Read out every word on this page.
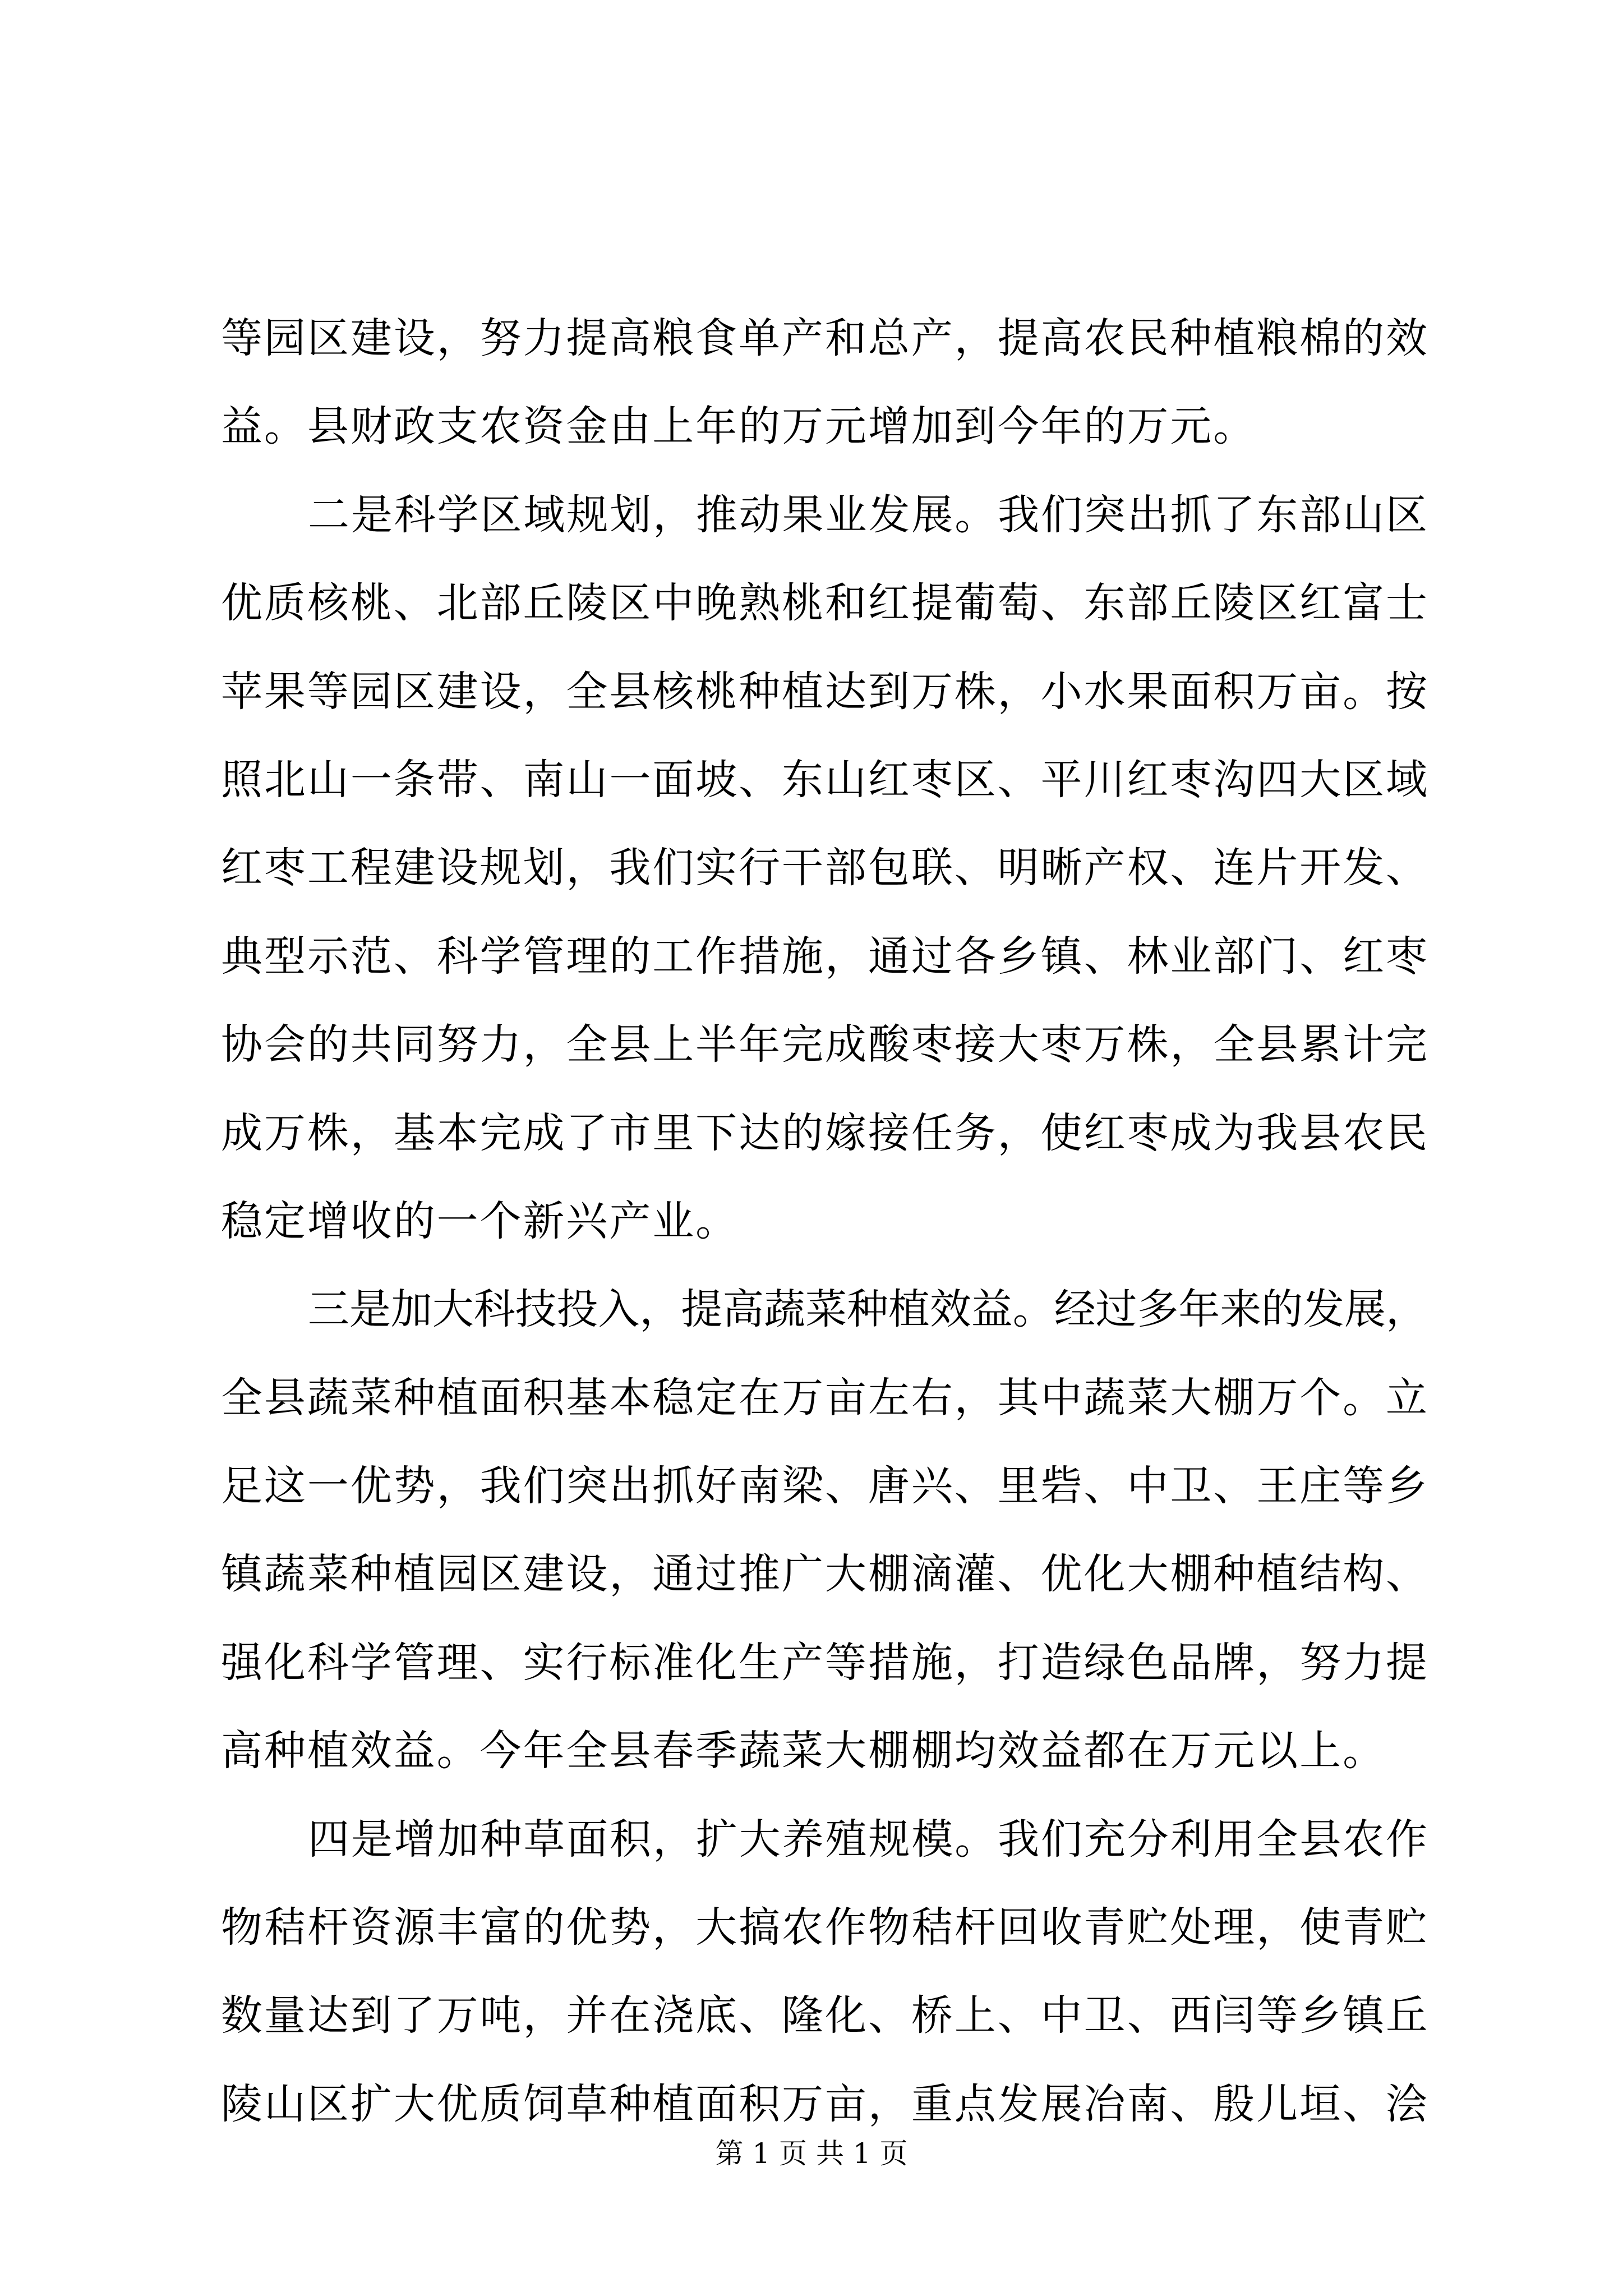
等园区建设，努力提高粮食单产和总产，提高农民种植粮棉的效
益。县财政支农资金由上年的万元增加到今年的万元。
二是科学区域规划，推动果业发展。我们突出抓了东部山区
优质核桃、北部丘陵区中晚熟桃和红提葡萄、东部丘陵区红富士
苹果等园区建设，全县核桃种植达到万株，小水果面积万亩。按
照北山一条带、南山一面坡、东山红枣区、平川红枣沟四大区域
红枣工程建设规划，我们实行干部包联、明晰产权、连片开发、
典型示范、科学管理的工作措施，通过各乡镇、林业部门、红枣
协会的共同努力，全县上半年完成酸枣接大枣万株，全县累计完
成万株，基本完成了市里下达的嫁接任务，使红枣成为我县农民
稳定增收的一个新兴产业。
三是加大科技投入，提高蔬菜种植效益。经过多年来的发展，
全县蔬菜种植面积基本稳定在万亩左右，其中蔬菜大棚万个。立
足这一优势，我们突出抓好南梁、唐兴、里砦、中卫、王庄等乡
镇蔬菜种植园区建设，通过推广大棚滴灌、优化大棚种植结构、
强化科学管理、实行标准化生产等措施，打造绿色品牌，努力提
高种植效益。今年全县春季蔬菜大棚棚均效益都在万元以上。
四是增加种草面积，扩大养殖规模。我们充分利用全县农作
物秸杆资源丰富的优势，大搞农作物秸杆回收青贮处理，使青贮
数量达到了万吨，并在浇底、隆化、桥上、中卫、西闫等乡镇丘
陵山区扩大优质饲草种植面积万亩，重点发展冶南、殷儿垣、浍
第 1 页 共 1 页
